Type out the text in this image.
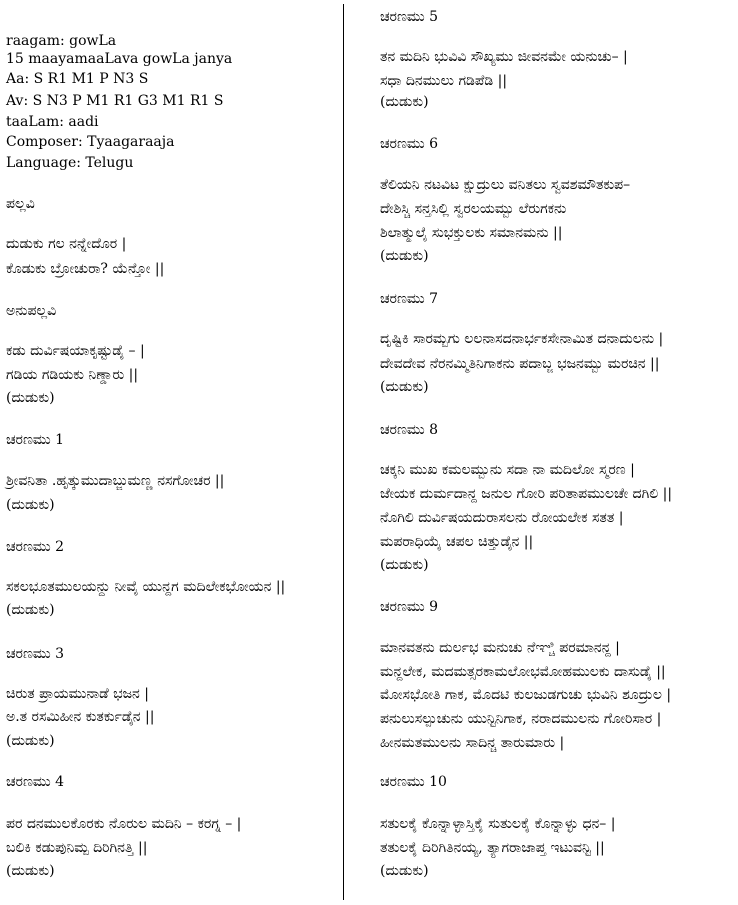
raagam: gowLa
15 maayamaaLava gowLa janya
Aa: S R1 M1 P N3 S
Av: S N3 P M1 R1 G3 M1 R1 S
taaLam: aadi
Composer: Tyaagaraaja
Language: Telugu
ಪಲ್ಲವಿ
ದುಡುಕು ಗಲ ನನ್ನೇದೊರ |
ಕೊಡುಕು ಬ್ರೋಚುರಾ? ಯೆನ್ತೋ ||
ಅನುಪಲ್ಲವಿ
ಕಡು ದುರ್ವಿಷಯಾಕೃಷ್ಟುಡೈ – |
ಗಡಿಯ ಗಡಿಯಕು ನಿಣ್ಡಾರು ||
(ದುಡುಕು)
ಚರಣಮು 1
ಶ್ರೀವನಿತಾ .ಹೃತ್ಕುಮುದಾಬ್ಜುಮಣ್ಣ ನಸಗೋಚರ ||
(ದುಡುಕು)
ಚರಣಮು 2
ಸಕಲಭೂತಮುಲಯನ್ದು ನೀವೈ ಯುನ್ದಗ ಮದಿಲೇಕಭೋಯನ ||
(ದುಡುಕು)
ಚರಣಮು 3
ಚಿರುತ ಪ್ರಾಯಮುನಾಡೆ ಭಜನ |
ಅ.ತ ರಸಮಿಹೀನ ಕುತರ್ಕುಡೈನ ||
(ದುಡುಕು)
ಚರಣಮು 4
ಪರ ದನಮುಲಕೊರಕು ನೊರುಲ ಮದಿನಿ – ಕರಗ್ನ – |
ಬಲಿಕಿ ಕಡುಪುನಿಮ್ಪ ದಿರಿಗಿನತ್ತಿ ||
(ದುಡುಕು)
ಚರಣಮು 5
ತನ ಮದಿನಿ ಭುವಿವಿ ಸೌಖ್ಯಮು ಜೀವನಮೇ ಯನುಚು– |
ಸಧಾ ದಿನಮುಲು ಗಡಿಪೆಡಿ ||
(ದುಡುಕು)
ಚರಣಮು 6
ತೆಲಿಯನಿ ನಟವಿಟ ಕ್ಷುದ್ರುಲು ವನಿತಲು ಸ್ವವಶಮೌತಕುಪ–
ದೇಶಿಸ್ಚಿ ಸನ್ತಸಿಲ್ಲಿ ಸ್ವರಲಯಮ್ಬು ಲೆರುಗಕನು
ಶಿಲಾತ್ಮುಲೈ ಸುಭಕ್ತುಲಕು ಸಮಾನಮನು ||
(ದುಡುಕು)
ಚರಣಮು 7
ದೃಷ್ಟಿಕಿ ಸಾರಮ್ಬಗು ಲಲನಾಸದನಾರ್ಭಕಸೇನಾಮಿತ ದನಾದುಲನು |
ದೇವದೇವ ನೆರನಮ್ಮಿತಿನಿಗಾಕನು ಪದಾಬ್ಜ ಭಜನಮ್ಬು ಮರಚಿನ ||
(ದುಡುಕು)
ಚರಣಮು 8
ಚಕ್ಕನಿ ಮುಖ ಕಮಲಮ್ಬುನು ಸದಾ ನಾ ಮದಿಲೋ ಸ್ಮರಣ |
ಜೇಯಕ ದುರ್ಮದಾನ್ದ ಜನುಲ ಗೋರಿ ಪರಿತಾಪಮುಲಚೇ ದಗಿಲಿ ||
ನೊಗಿಲಿ ದುರ್ವಿಷಯದುರಾಸಲನು ರೋಯಲೇಕ ಸತತ |
ಮಪರಾಧಿಯೈ ಚಪಲ ಚಿತ್ತುಡೈನ ||
(ದುಡುಕು)
ಚರಣಮು 9
ಮಾನವತನು ದುರ್ಲಭ ಮನುಚು ನೆಞ್ಚಿ ಪರಮಾನನ್ದ |
ಮನ್ದಲೇಕ, ಮದಮತ್ಸರಕಾಮಲೋಭಮೋಹಮುಲಕು ದಾಸುಡೈ ||
ಮೋಸಭೋತಿ ಗಾಕ, ಮೊದಟಿ ಕುಲಜುಡಗುಚು ಭುವಿನಿ ಶೂದ್ರುಲ |
ಪನುಲುಸಲ್ಪುಚುನು ಯುನ್ಟಿನಿಗಾಕ, ನರಾದಮುಲನು ಗೋರಿಸಾರ |
ಹೀನಮತಮುಲನು ಸಾದಿನ್ಚ ತಾರುಮಾರು |
ಚರಣಮು 10
ಸತುಲಕೈ ಕೊನ್ನಾಳ್ಳಾಸ್ತಿಕೈ ಸುತುಲಕೈ ಕೊನ್ನಾಳ್ಳು ಧನ– |
ತತುಲಕೈ ದಿರಿಗಿತಿನಯ್ಯ, ತ್ಯಾಗರಾಜಾಪ್ತ ಇಟುವನ್ಟಿ ||
(ದುಡುಕು)
